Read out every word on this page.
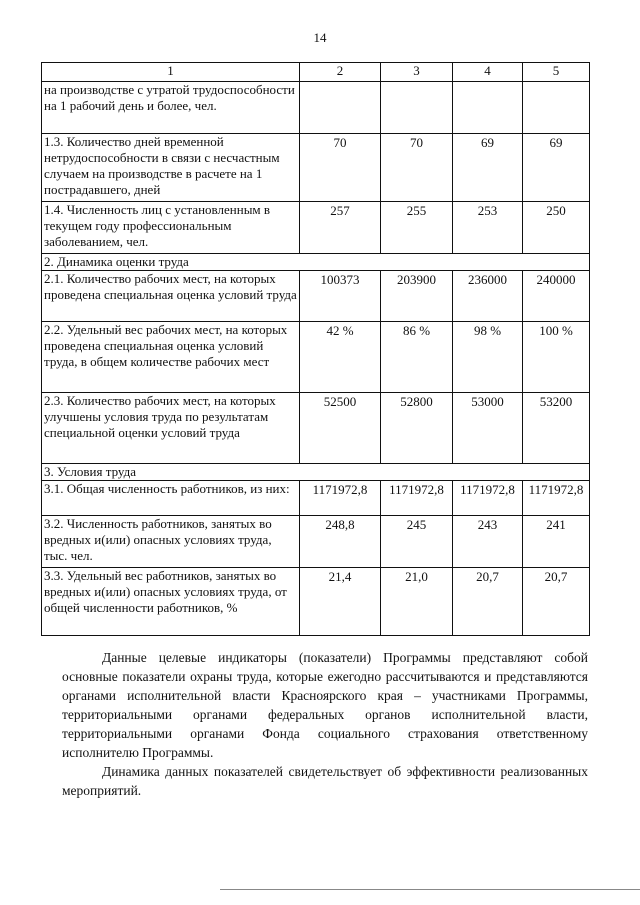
14
1	2	3	4	5
на производстве с утратой трудоспособности на 1 рабочий день и более, чел.				
1.3. Количество дней временной нетрудоспособности в связи с несчастным случаем на производстве в расчете на 1 пострадавшего, дней	70	70	69	69
1.4. Численность лиц с установленным в текущем году профессиональным заболеванием, чел.	257	255	253	250
2. Динамика оценки труда				
2.1. Количество рабочих мест, на которых проведена специальная оценка условий труда	100373	203900	236000	240000
2.2. Удельный вес рабочих мест, на которых проведена специальная оценка условий труда, в общем количестве рабочих мест	42 %	86 %	98 %	100 %
2.3. Количество рабочих мест, на которых улучшены условия труда по результатам специальной оценки условий труда	52500	52800	53000	53200
3. Условия труда				
3.1. Общая численность работников, из них:	1171972,8	1171972,8	1171972,8	1171972,8
3.2. Численность работников, занятых во вредных и(или) опасных условиях труда, тыс. чел.	248,8	245	243	241
3.3. Удельный вес работников, занятых во вредных и(или) опасных условиях труда, от общей численности работников, %	21,4	21,0	20,7	20,7

Данные целевые индикаторы (показатели) Программы представляют собой основные показатели охраны труда, которые ежегодно рассчитываются и представляются органами исполнительной власти Красноярского края – участниками Программы, территориальными органами федеральных органов исполнительной власти, территориальными органами Фонда социального страхования ответственному исполнителю Программы.

Динамика данных показателей свидетельствует об эффективности реализованных мероприятий.
